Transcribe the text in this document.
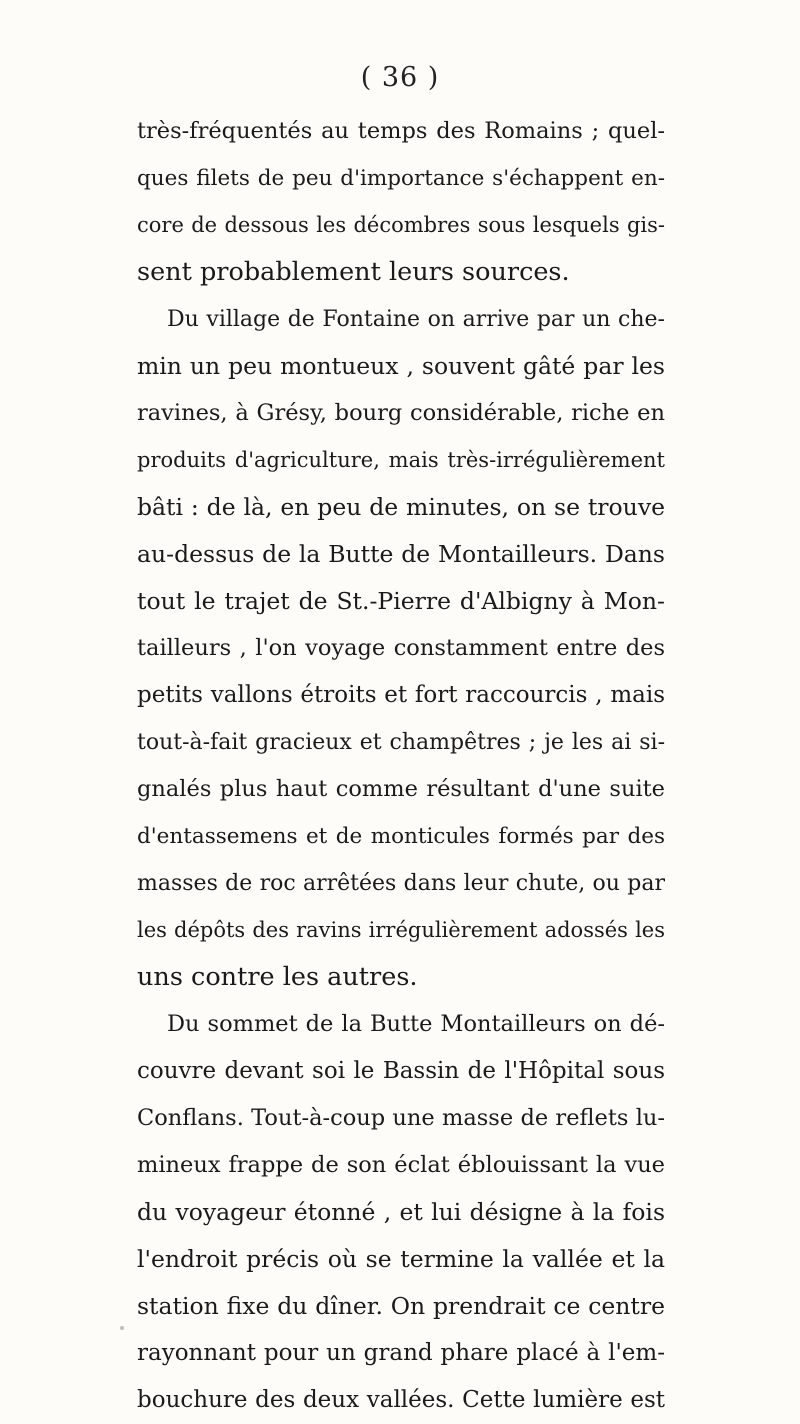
( 36 )
très-fréquentés au temps des Romains ; quel-
ques filets de peu d'importance s'échappent en-
core de dessous les décombres sous lesquels gis-
sent probablement leurs sources.
Du village de Fontaine on arrive par un che-
min un peu montueux , souvent gâté par les
ravines, à Grésy, bourg considérable, riche en
produits d'agriculture, mais très-irrégulièrement
bâti : de là, en peu de minutes, on se trouve
au-dessus de la Butte de Montailleurs. Dans
tout le trajet de St.-Pierre d'Albigny à Mon-
tailleurs , l'on voyage constamment entre des
petits vallons étroits et fort raccourcis , mais
tout-à-fait gracieux et champêtres ; je les ai si-
gnalés plus haut comme résultant d'une suite
d'entassemens et de monticules formés par des
masses de roc arrêtées dans leur chute, ou par
les dépôts des ravins irrégulièrement adossés les
uns contre les autres.
Du sommet de la Butte Montailleurs on dé-
couvre devant soi le Bassin de l'Hôpital sous
Conflans. Tout-à-coup une masse de reflets lu-
mineux frappe de son éclat éblouissant la vue
du voyageur étonné , et lui désigne à la fois
l'endroit précis où se termine la vallée et la
station fixe du dîner. On prendrait ce centre
rayonnant pour un grand phare placé à l'em-
bouchure des deux vallées. Cette lumière est
